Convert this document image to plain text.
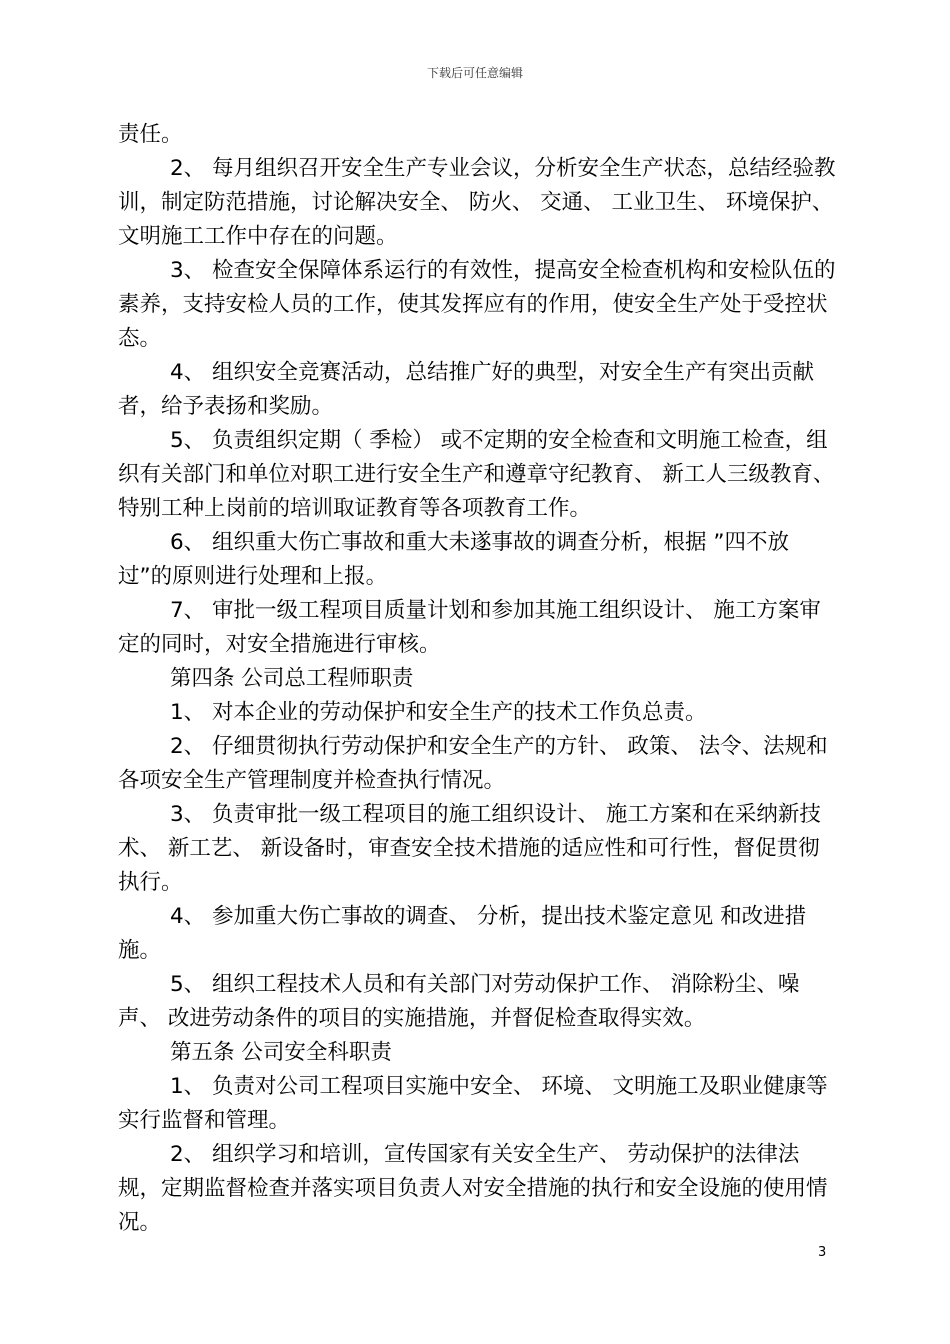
下载后可任意编辑

责任。

2、 每月组织召开安全生产专业会议，分析安全生产状态，总结经验教训，制定防范措施，讨论解决安全、 防火、 交通、 工业卫生、 环境保护、 文明施工工作中存在的问题。

3、 检查安全保障体系运行的有效性，提高安全检查机构和安检队伍的素养，支持安检人员的工作，使其发挥应有的作用，使安全生产处于受控状态。

4、 组织安全竞赛活动，总结推广好的典型，对安全生产有突出贡献者，给予表扬和奖励。

5、 负责组织定期（ 季检） 或不定期的安全检查和文明施工检查，组织有关部门和单位对职工进行安全生产和遵章守纪教育、 新工人三级教育、 特别工种上岗前的培训取证教育等各项教育工作。

6、 组织重大伤亡事故和重大未遂事故的调查分析，根据 ”四不放过”的原则进行处理和上报。

7、 审批一级工程项目质量计划和参加其施工组织设计、 施工方案审定的同时，对安全措施进行审核。

第四条 公司总工程师职责

1、 对本企业的劳动保护和安全生产的技术工作负总责。

2、 仔细贯彻执行劳动保护和安全生产的方针、 政策、 法令、法规和各项安全生产管理制度并检查执行情况。

3、 负责审批一级工程项目的施工组织设计、 施工方案和在采纳新技术、 新工艺、 新设备时，审查安全技术措施的适应性和可行性，督促贯彻执行。

4、 参加重大伤亡事故的调查、 分析，提出技术鉴定意见 和改进措施。

5、 组织工程技术人员和有关部门对劳动保护工作、 消除粉尘、噪声、 改进劳动条件的项目的实施措施，并督促检查取得实效。

第五条 公司安全科职责

1、 负责对公司工程项目实施中安全、 环境、 文明施工及职业健康等实行监督和管理。

2、 组织学习和培训，宣传国家有关安全生产、 劳动保护的法律法规，定期监督检查并落实项目负责人对安全措施的执行和安全设施的使用情况。

3
